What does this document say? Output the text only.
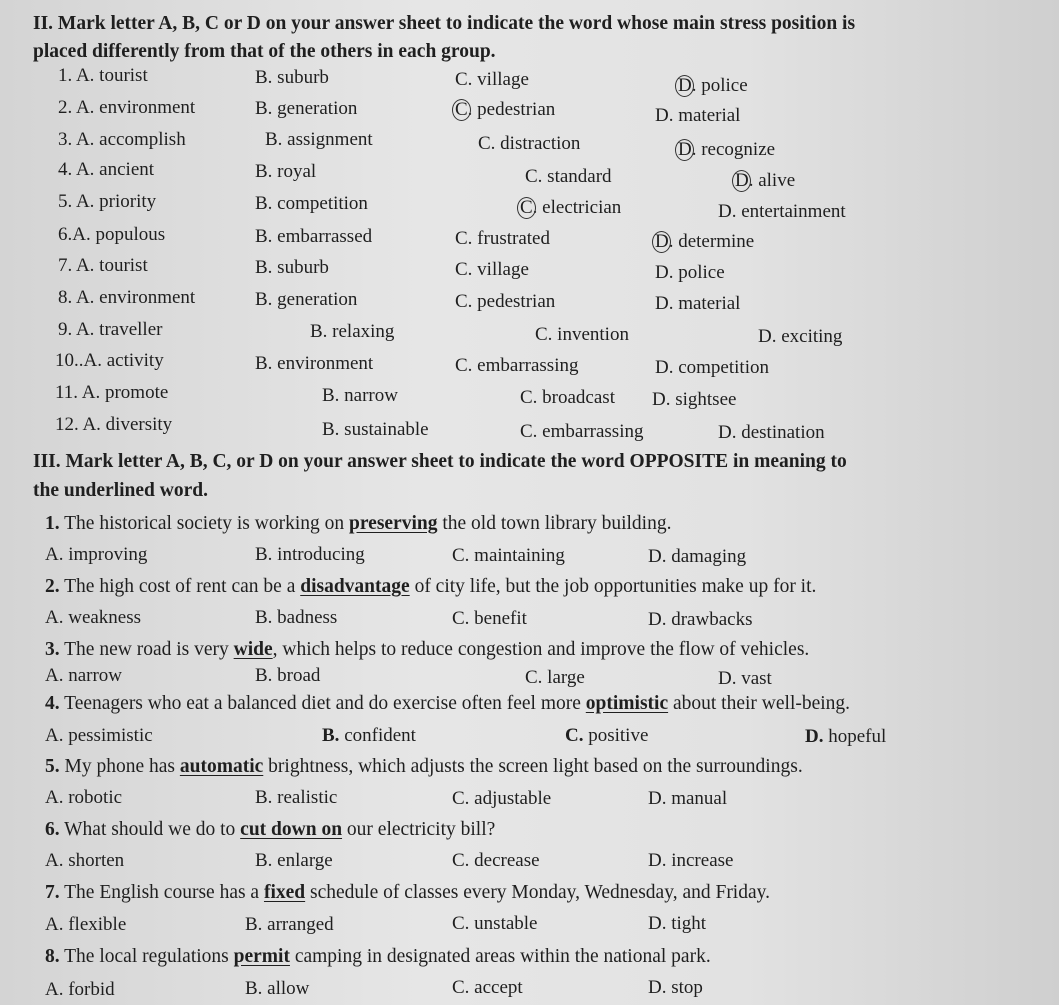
II. Mark letter A, B, C or D on your answer sheet to indicate the word whose main stress position is
placed differently from that of the others in each group.
1. A. tourist	B. suburb	C. village	D. police
2. A. environment	B. generation	C. pedestrian	D. material
3. A. accomplish	B. assignment	C. distraction	D. recognize
4. A. ancient	B. royal	C. standard	D. alive
5. A. priority	B. competition	C. electrician	D. entertainment
6.A. populous	B. embarrassed	C. frustrated	D. determine
7. A. tourist	B. suburb	C. village	D. police
8. A. environment	B. generation	C. pedestrian	D. material
9. A. traveller	B. relaxing	C. invention	D. exciting
10..A. activity	B. environment	C. embarrassing	D. competition
11. A. promote	B. narrow	C. broadcast D. sightsee
12. A. diversity	B. sustainable	C. embarrassing	D. destination
III. Mark letter A, B, C, or D on your answer sheet to indicate the word OPPOSITE in meaning to
the underlined word.
1. The historical society is working on preserving the old town library building.
A. improving	B. introducing	C. maintaining	D. damaging
2. The high cost of rent can be a disadvantage of city life, but the job opportunities make up for it.
A. weakness	B. badness	C. benefit	D. drawbacks
3. The new road is very wide, which helps to reduce congestion and improve the flow of vehicles.
A. narrow	B. broad	C. large	D. vast
4. Teenagers who eat a balanced diet and do exercise often feel more optimistic about their well-being.
A. pessimistic	B. confident	C. positive	D. hopeful
5. My phone has automatic brightness, which adjusts the screen light based on the surroundings.
A. robotic	B. realistic	C. adjustable	D. manual
6. What should we do to cut down on our electricity bill?
A. shorten	B. enlarge	C. decrease	D. increase
7. The English course has a fixed schedule of classes every Monday, Wednesday, and Friday.
A. flexible	B. arranged	C. unstable	D. tight
8. The local regulations permit camping in designated areas within the national park.
A. forbid	B. allow	C. accept	D. stop
